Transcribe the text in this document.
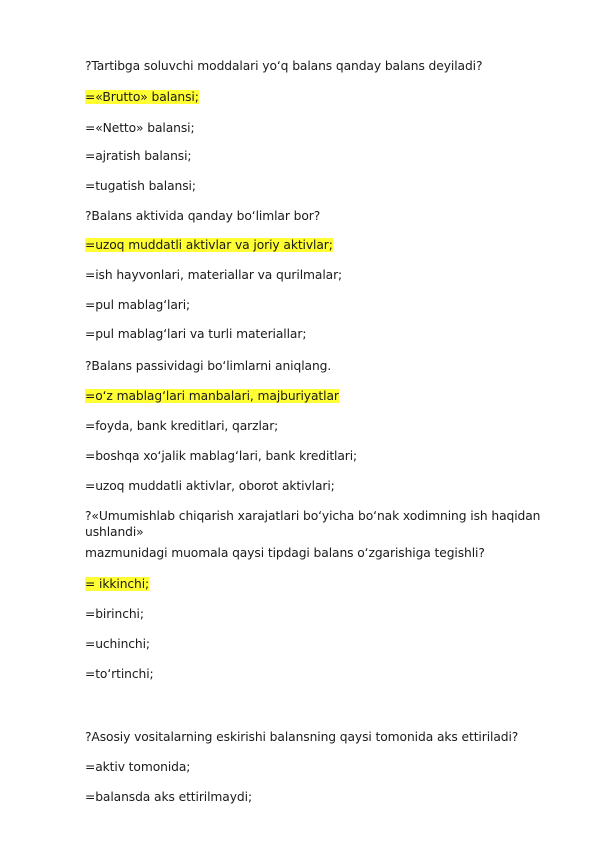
?Tartibga soluvchi moddalari yo‘q balans qanday balans deyiladi?
=«Brutto» balansi;
=«Netto» balansi;
=ajratish balansi;
=tugatish balansi;
?Balans aktivida qanday bo‘limlar bor?
=uzoq muddatli aktivlar va joriy aktivlar;
=ish hayvonlari, materiallar va qurilmalar;
=pul mablag‘lari;
=pul mablag‘lari va turli materiallar;
?Balans passividagi bo‘limlarni aniqlang.
=o‘z mablag‘lari manbalari, majburiyatlar
=foyda, bank kreditlari, qarzlar;
=boshqa xo‘jalik mablag‘lari, bank kreditlari;
=uzoq muddatli aktivlar, oborot aktivlari;
?«Umumishlab chiqarish xarajatlari bo‘yicha bo‘nak xodimning ish haqidan ushlandi»
mazmunidagi muomala qaysi tipdagi balans o‘zgarishiga tegishli?
= ikkinchi;
=birinchi;
=uchinchi;
=to‘rtinchi;
?Asosiy vositalarning eskirishi balansning qaysi tomonida aks ettiriladi?
=aktiv tomonida;
=balansda aks ettirilmaydi;
